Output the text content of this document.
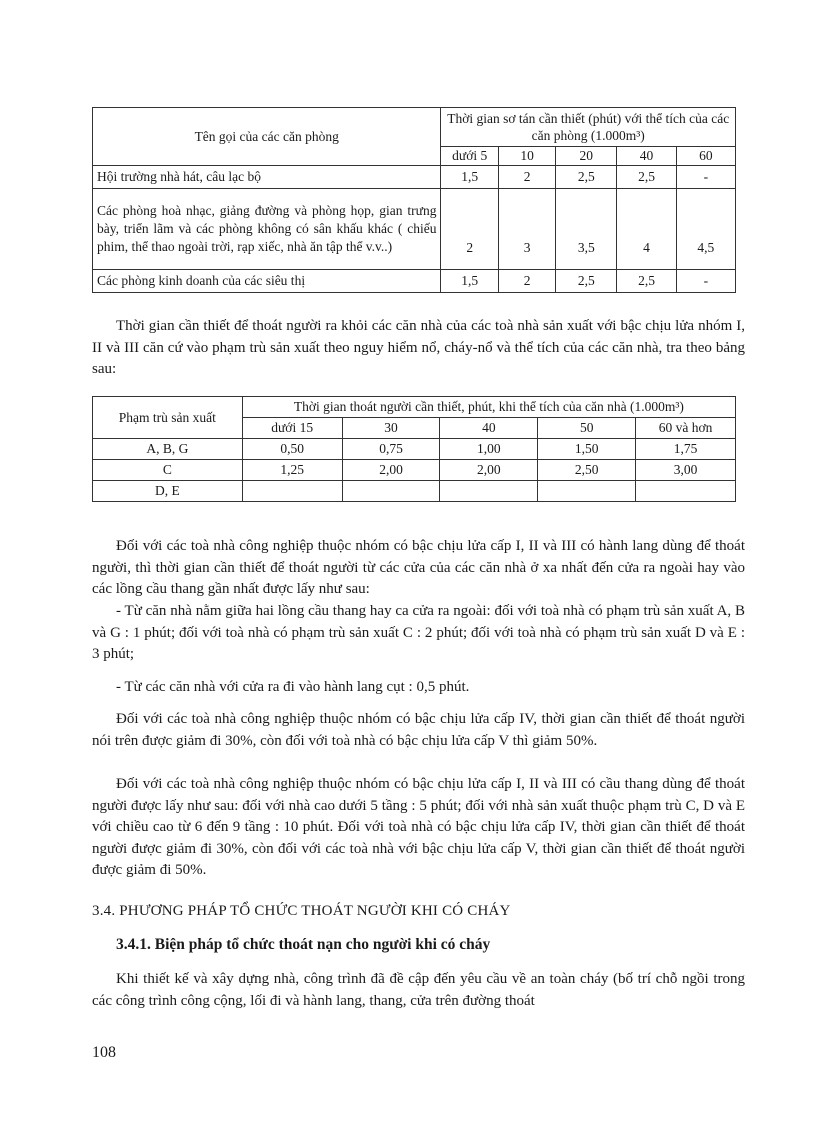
Tên gọi của các căn phòng	Thời gian sơ tán cần thiết (phút) với thể tích của các căn phòng (1.000m³)				
	dưới 5	10	20	40	60
Hội trường nhà hát, câu lạc bộ	1,5	2	2,5	2,5	-
Các phòng hoà nhạc, giảng đường và phòng họp, gian trưng bày, triển lãm và các phòng không có sân khấu khác ( chiếu phim, thể thao ngoài trời, rạp xiếc, nhà ăn tập thể v.v..)	2	3	3,5	4	4,5
Các phòng kinh doanh của các siêu thị	1,5	2	2,5	2,5	-

Thời gian cần thiết để thoát người ra khỏi các căn nhà của các toà nhà sản xuất với bậc chịu lửa nhóm I, II và III căn cứ vào phạm trù sản xuất theo nguy hiểm nổ, cháy-nổ và thể tích của các căn nhà, tra theo bảng sau:

Phạm trù sản xuất	Thời gian thoát người cần thiết, phút, khi thể tích của căn nhà (1.000m³)				
	dưới 15	30	40	50	60 và hơn
A, B, G	0,50	0,75	1,00	1,50	1,75
C	1,25	2,00	2,00	2,50	3,00
D, E					

Đối với các toà nhà công nghiệp thuộc nhóm có bậc chịu lửa cấp I, II và III có hành lang dùng để thoát người, thì thời gian cần thiết để thoát người từ các cửa của các căn nhà ở xa nhất đến cửa ra ngoài hay vào các lồng cầu thang gần nhất được lấy như sau:

- Từ căn nhà nằm giữa hai lồng cầu thang hay ca cửa ra ngoài: đối với toà nhà có phạm trù sản xuất A, B và G : 1 phút; đối với toà nhà có phạm trù sản xuất C : 2 phút; đối với toà nhà có phạm trù sản xuất D và E : 3 phút;

- Từ các căn nhà với cửa ra đi vào hành lang cụt : 0,5 phút.

Đối với các toà nhà công nghiệp thuộc nhóm có bậc chịu lửa cấp IV, thời gian cần thiết để thoát người nói trên được giảm đi 30%, còn đối với toà nhà có bậc chịu lửa cấp V thì giảm 50%.

Đối với các toà nhà công nghiệp thuộc nhóm có bậc chịu lửa cấp I, II và III có cầu thang dùng để thoát người được lấy như sau: đối với nhà cao dưới 5 tầng : 5 phút; đối với nhà sản xuất thuộc phạm trù C, D và E với chiều cao từ 6 đến 9 tầng : 10 phút. Đối với toà nhà có bậc chịu lửa cấp IV, thời gian cần thiết để thoát người được giảm đi 30%, còn đối với các toà nhà với bậc chịu lửa cấp V, thời gian cần thiết để thoát người được giảm đi 50%.

3.4. PHƯƠNG PHÁP TỔ CHỨC THOÁT NGƯỜI KHI CÓ CHÁY

3.4.1. Biện pháp tổ chức thoát nạn cho người khi có cháy

Khi thiết kế và xây dựng nhà, công trình đã đề cập đến yêu cầu về an toàn cháy (bố trí chỗ ngồi trong các công trình công cộng, lối đi và hành lang, thang, cửa trên đường thoát

108
